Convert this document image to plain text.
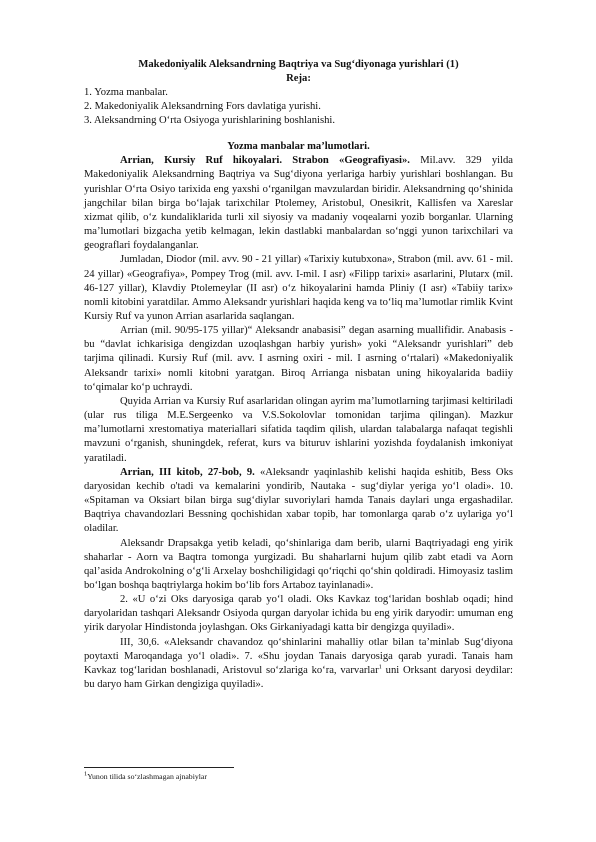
Makedoniyalik Aleksandrning Baqtriya va Sug‘diyonaga yurishlari (1)
Reja:
1. Yozma manbalar.
2. Makedoniyalik Aleksandrning Fors davlatiga yurishi.
3. Aleksandrning O‘rta Osiyoga yurishlarining boshlanishi.
Yozma manbalar ma’lumotlari.

Arrian, Kursiy Ruf hikoyalari. Strabon «Geografiyasi». Mil.avv. 329 yilda Makedoniyalik Aleksandrning Baqtriya va Sug‘diyona yerlariga harbiy yurishlari boshlangan. Bu yurishlar O‘rta Osiyo tarixida eng yaxshi o‘rganilgan mavzulardan biridir. Aleksandrning qo‘shinida jangchilar bilan birga bo‘lajak tarixchilar Ptolemey, Aristobul, Onesikrit, Kallisfen va Xareslar xizmat qilib, o‘z kundaliklarida turli xil siyosiy va madaniy voqealarni yozib borganlar. Ularning ma’lumotlari bizgacha yetib kelmagan, lekin dastlabki manbalardan so‘nggi yunon tarixchilari va geograflari foydalanganlar.

Jumladan, Diodor (mil. avv. 90 - 21 yillar) «Tarixiy kutubxona», Strabon (mil. avv. 61 - mil. 24 yillar) «Geografiya», Pompey Trog (mil. avv. I-mil. I asr) «Filipp tarixi» asarlarini, Plutarx (mil. 46-127 yillar), Klavdiy Ptolemeylar (II asr) o‘z hikoyalarini hamda Pliniy (I asr) «Tabiiy tarix» nomli kitobini yaratdilar. Ammo Aleksandr yurishlari haqida keng va to‘liq ma’lumotlar rimlik Kvint Kursiy Ruf va yunon Arrian asarlarida saqlangan.

Arrian (mil. 90/95-175 yillar)“ Aleksandr anabasisi” degan asarning muallifidir. Anabasis - bu “davlat ichkarisiga dengizdan uzoqlashgan harbiy yurish» yoki “Aleksandr yurishlari” deb tarjima qilinadi. Kursiy Ruf (mil. avv. I asrning oxiri - mil. I asrning o‘rtalari) «Makedoniyalik Aleksandr tarixi» nomli kitobni yaratgan. Biroq Arrianga nisbatan uning hikoyalarida badiiy to‘qimalar ko‘p uchraydi.

Quyida Arrian va Kursiy Ruf asarlaridan olingan ayrim ma’lumotlarning tarjimasi keltiriladi (ular rus tiliga M.E.Sergeenko va V.S.Sokolovlar tomonidan tarjima qilingan). Mazkur ma’lumotlarni xrestomatiya materiallari sifatida taqdim qilish, ulardan talabalarga nafaqat tegishli mavzuni o‘rganish, shuningdek, referat, kurs va bituruv ishlarini yozishda foydalanish imkoniyat yaratiladi.

Arrian, III kitob, 27-bob, 9. «Aleksandr yaqinlashib kelishi haqida eshitib, Bess Oks daryosidan kechib o'tadi va kemalarini yondirib, Nautaka - sug‘diylar yeriga yo‘l oladi». 10. «Spitaman va Oksiart bilan birga sug‘diylar suvoriylari hamda Tanais daylari unga ergashadilar. Baqtriya chavandozlari Bessning qochishidan xabar topib, har tomonlarga qarab o‘z uylariga yo‘l oladilar.

Aleksandr Drapsakga yetib keladi, qo‘shinlariga dam berib, ularni Baqtriyadagi eng yirik shaharlar - Aorn va Baqtra tomonga yurgizadi. Bu shaharlarni hujum qilib zabt etadi va Aorn qal’asida Androkolning o‘g‘li Arxelay boshchiligidagi qo‘riqchi qo‘shin qoldiradi. Himoyasiz taslim bo‘lgan boshqa baqtriylarga hokim bo‘lib fors Artaboz tayinlanadi».

2. «U o‘zi Oks daryosiga qarab yo‘l oladi. Oks Kavkaz tog‘laridan boshlab oqadi; hind daryolaridan tashqari Aleksandr Osiyoda qurgan daryolar ichida bu eng yirik daryodir: umuman eng yirik daryolar Hindistonda joylashgan. Oks Girkaniyadagi katta bir dengizga quyiladi».

III, 30,6. «Aleksandr chavandoz qo‘shinlarini mahalliy otlar bilan ta’minlab Sug‘diyona poytaxti Maroqandaga yo‘l oladi». 7. «Shu joydan Tanais daryosiga qarab yuradi. Tanais ham Kavkaz tog‘laridan boshlanadi, Aristovul so‘zlariga ko‘ra, varvarlar$^1$ uni Orksant daryosi deydilar: bu daryo ham Girkan dengiziga quyiladi».

$^1$Yunon tilida so‘zlashmagan ajnabiylar
